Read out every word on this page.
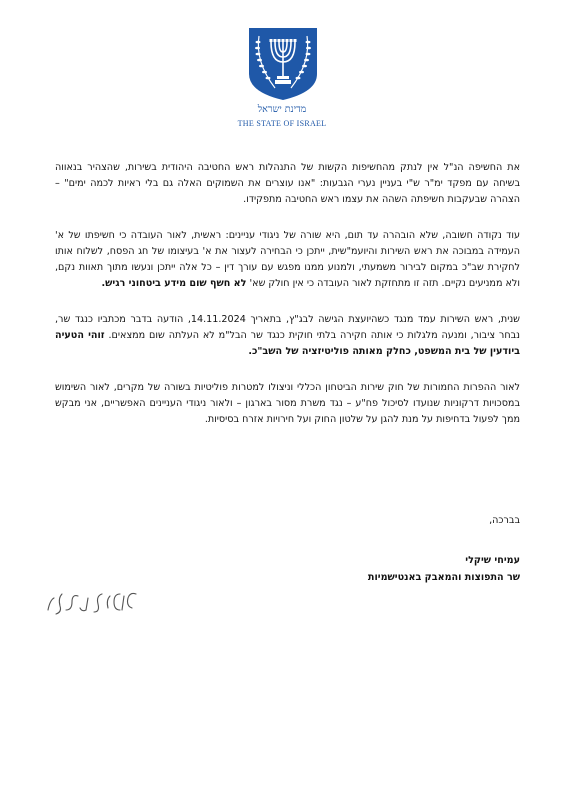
מדינת ישראל
THE STATE OF ISRAEL

את החשיפה הנ"ל אין לנתק מהחשיפות הקשות של התנהלות ראש החטיבה היהודית בשירות, שהצהיר בנאווה בשיחה עם מפקד ימ"ר ש"י בעניין נערי הגבעות: "אנו עוצרים את השמוקים האלה גם בלי ראיות לכמה ימים" – הצהרה שבעקבות חשיפתה השהה את עצמו ראש החטיבה מתפקידו.

עוד נקודה חשובה, שלא הובהרה עד תום, היא שורה של ניגודי עניינים: ראשית, לאור העובדה כי חשיפתו של א' העמידה במבוכה את ראש השירות והיועמ"שית, ייתכן כי הבחירה לעצור את א' בעיצומו של חג הפסח, לשלוח אותו לחקירת שב"כ במקום לבירור משמעתי, ולמנוע ממנו מפגש עם עורך דין – כל אלה ייתכן ונעשו מתוך תאוות נקם, ולא ממניעים נקיים. תזה זו מתחזקת לאור העובדה כי אין חולק שא' לא חשף שום מידע ביטחוני רגיש.

שנית, ראש השירות עמד מנגד כשהיועצת הגישה לבג"ץ, בתאריך 14.11.2024, הודעה בדבר מכתביו כנגד שר, נבחר ציבור, ומנעה מלגלות כי אותה חקירה בלתי חוקית כנגד שר הבל"מ לא העלתה שום ממצאים. זוהי הטעיה ביודעין של בית המשפט, כחלק מאותה פוליטיזציה של השב"כ.

לאור ההפרות החמורות של חוק שירות הביטחון הכללי וניצולו למטרות פוליטיות בשורה של מקרים, לאור השימוש במסכויות דרקוניות שנועדו לסיכול פח"ע – נגד משרת מסור בארגון – ולאור ניגודי העניינים האפשריים, אני מבקש ממך לפעול בדחיפות על מנת להגן על שלטון החוק ועל חירויות אזרח בסיסיות.

בברכה,
עמיחי שיקלי
שר התפוצות והמאבק באנטישמיות
